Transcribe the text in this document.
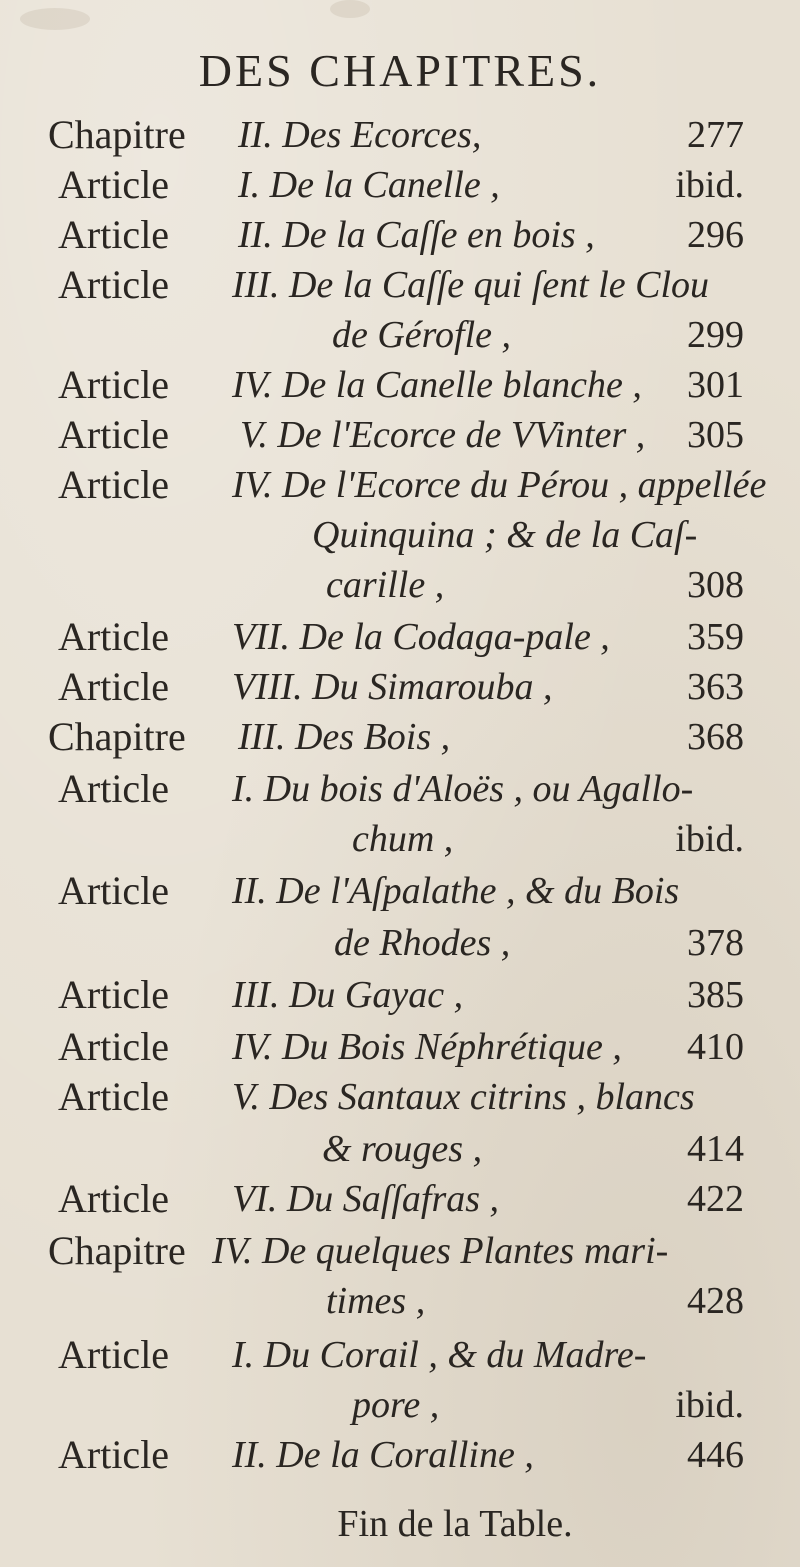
DES CHAPITRES.
Chapitre II. Des Ecorces,	277
Article I. De la Canelle ,	ibid.
Article II. De la Caſſe en bois , 296
Article III. De la Caſſe qui ſent le Clou
de Gérofle ,	299
Article IV. De la Canelle blanche , 301
Article V. De l'Ecorce de VVinter , 305
Article IV. De l'Ecorce du Pérou , appellée
Quinquina ; & de la Caſ-
carille ,	308
Article VII. De la Codaga-pale , 359
Article VIII. Du Simarouba ,	363
Chapitre III. Des Bois ,	368
Article I. Du bois d'Aloës , ou Agallo-
chum ,	ibid.
Article II. De l'Aſpalathe , & du Bois
de Rhodes ,	378
Article III. Du Gayac ,	385
Article IV. Du Bois Néphrétique , 410
Article V. Des Santaux citrins , blancs
& rouges ,	414
Article VI. Du Saſſafras ,	422
Chapitre IV. De quelques Plantes mari-
times ,	428
Article I. Du Corail , & du Madre-
pore ,	ibid.
Article II. De la Coralline ,	446
Fin de la Table.
